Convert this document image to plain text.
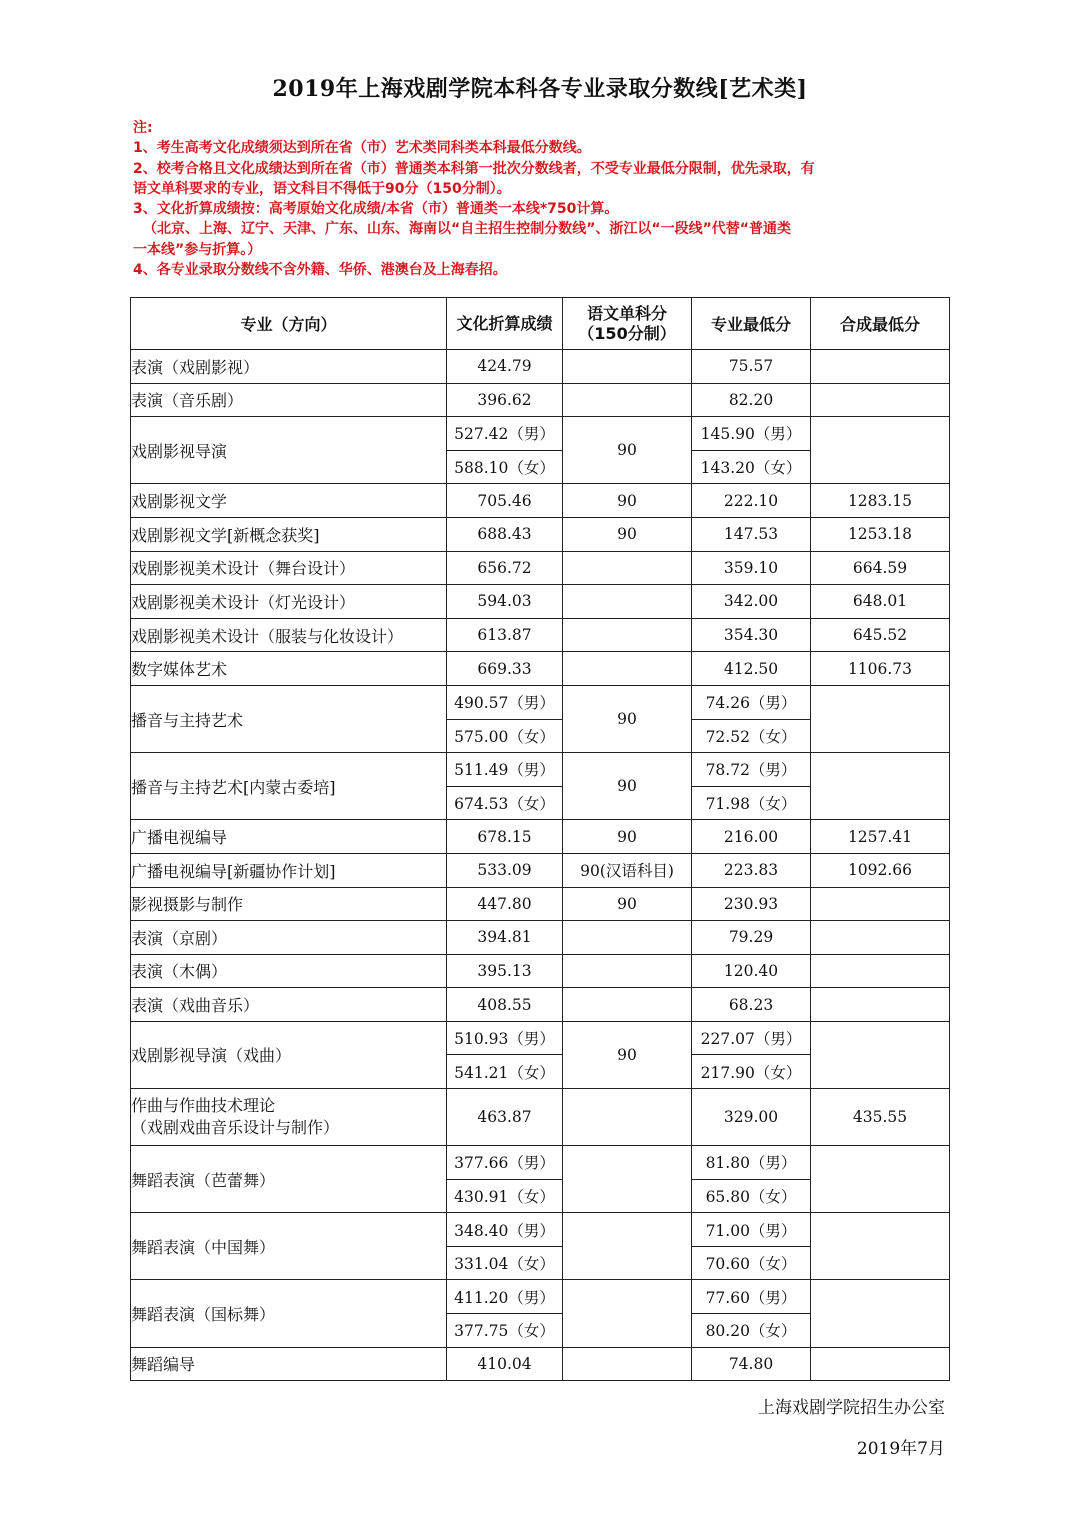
2019年上海戏剧学院本科各专业录取分数线[艺术类]

注:

1、考生高考文化成绩须达到所在省（市）艺术类同科类本科最低分数线。

2、校考合格且文化成绩达到所在省（市）普通类本科第一批次分数线者，不受专业最低分限制，优先录取，有

语文单科要求的专业，语文科目不得低于90分（150分制）。

3、文化折算成绩按：高考原始文化成绩/本省（市）普通类一本线*750计算。

（北京、上海、辽宁、天津、广东、山东、海南以“自主招生控制分数线”、浙江以“一段线”代替“普通类

一本线”参与折算。）

4、各专业录取分数线不含外籍、华侨、港澳台及上海春招。

专业（方向）	文化折算成绩	语文单科分
（150分制）	专业最低分	合成最低分
表演（戏剧影视）	424.79		75.57	
表演（音乐剧）	396.62		82.20	
戏剧影视导演	527.42（男）	90	145.90（男）	
	588.10（女）		143.20（女）	
戏剧影视文学	705.46	90	222.10	1283.15
戏剧影视文学[新概念获奖]	688.43	90	147.53	1253.18
戏剧影视美术设计（舞台设计）	656.72		359.10	664.59
戏剧影视美术设计（灯光设计）	594.03		342.00	648.01
戏剧影视美术设计（服装与化妆设计）	613.87		354.30	645.52
数字媒体艺术	669.33		412.50	1106.73
播音与主持艺术	490.57（男）	90	74.26（男）	
	575.00（女）		72.52（女）	
播音与主持艺术[内蒙古委培]	511.49（男）	90	78.72（男）	
	674.53（女）		71.98（女）	
广播电视编导	678.15	90	216.00	1257.41
广播电视编导[新疆协作计划]	533.09	90(汉语科目)	223.83	1092.66
影视摄影与制作	447.80	90	230.93	
表演（京剧）	394.81		79.29	
表演（木偶）	395.13		120.40	
表演（戏曲音乐）	408.55		68.23	
戏剧影视导演（戏曲）	510.93（男）	90	227.07（男）	
	541.21（女）		217.90（女）	

作曲与作曲技术理论
（戏剧戏曲音乐设计与制作）	463.87		329.00	435.55
舞蹈表演（芭蕾舞）	377.66（男）		81.80（男）	
	430.91（女）		65.80（女）	
舞蹈表演（中国舞）	348.40（男）		71.00（男）	
	331.04（女）		70.60（女）	
舞蹈表演（国标舞）	411.20（男）		77.60（男）	
	377.75（女）		80.20（女）	
舞蹈编导	410.04		74.80	
上海戏剧学院招生办公室
2019年7月
